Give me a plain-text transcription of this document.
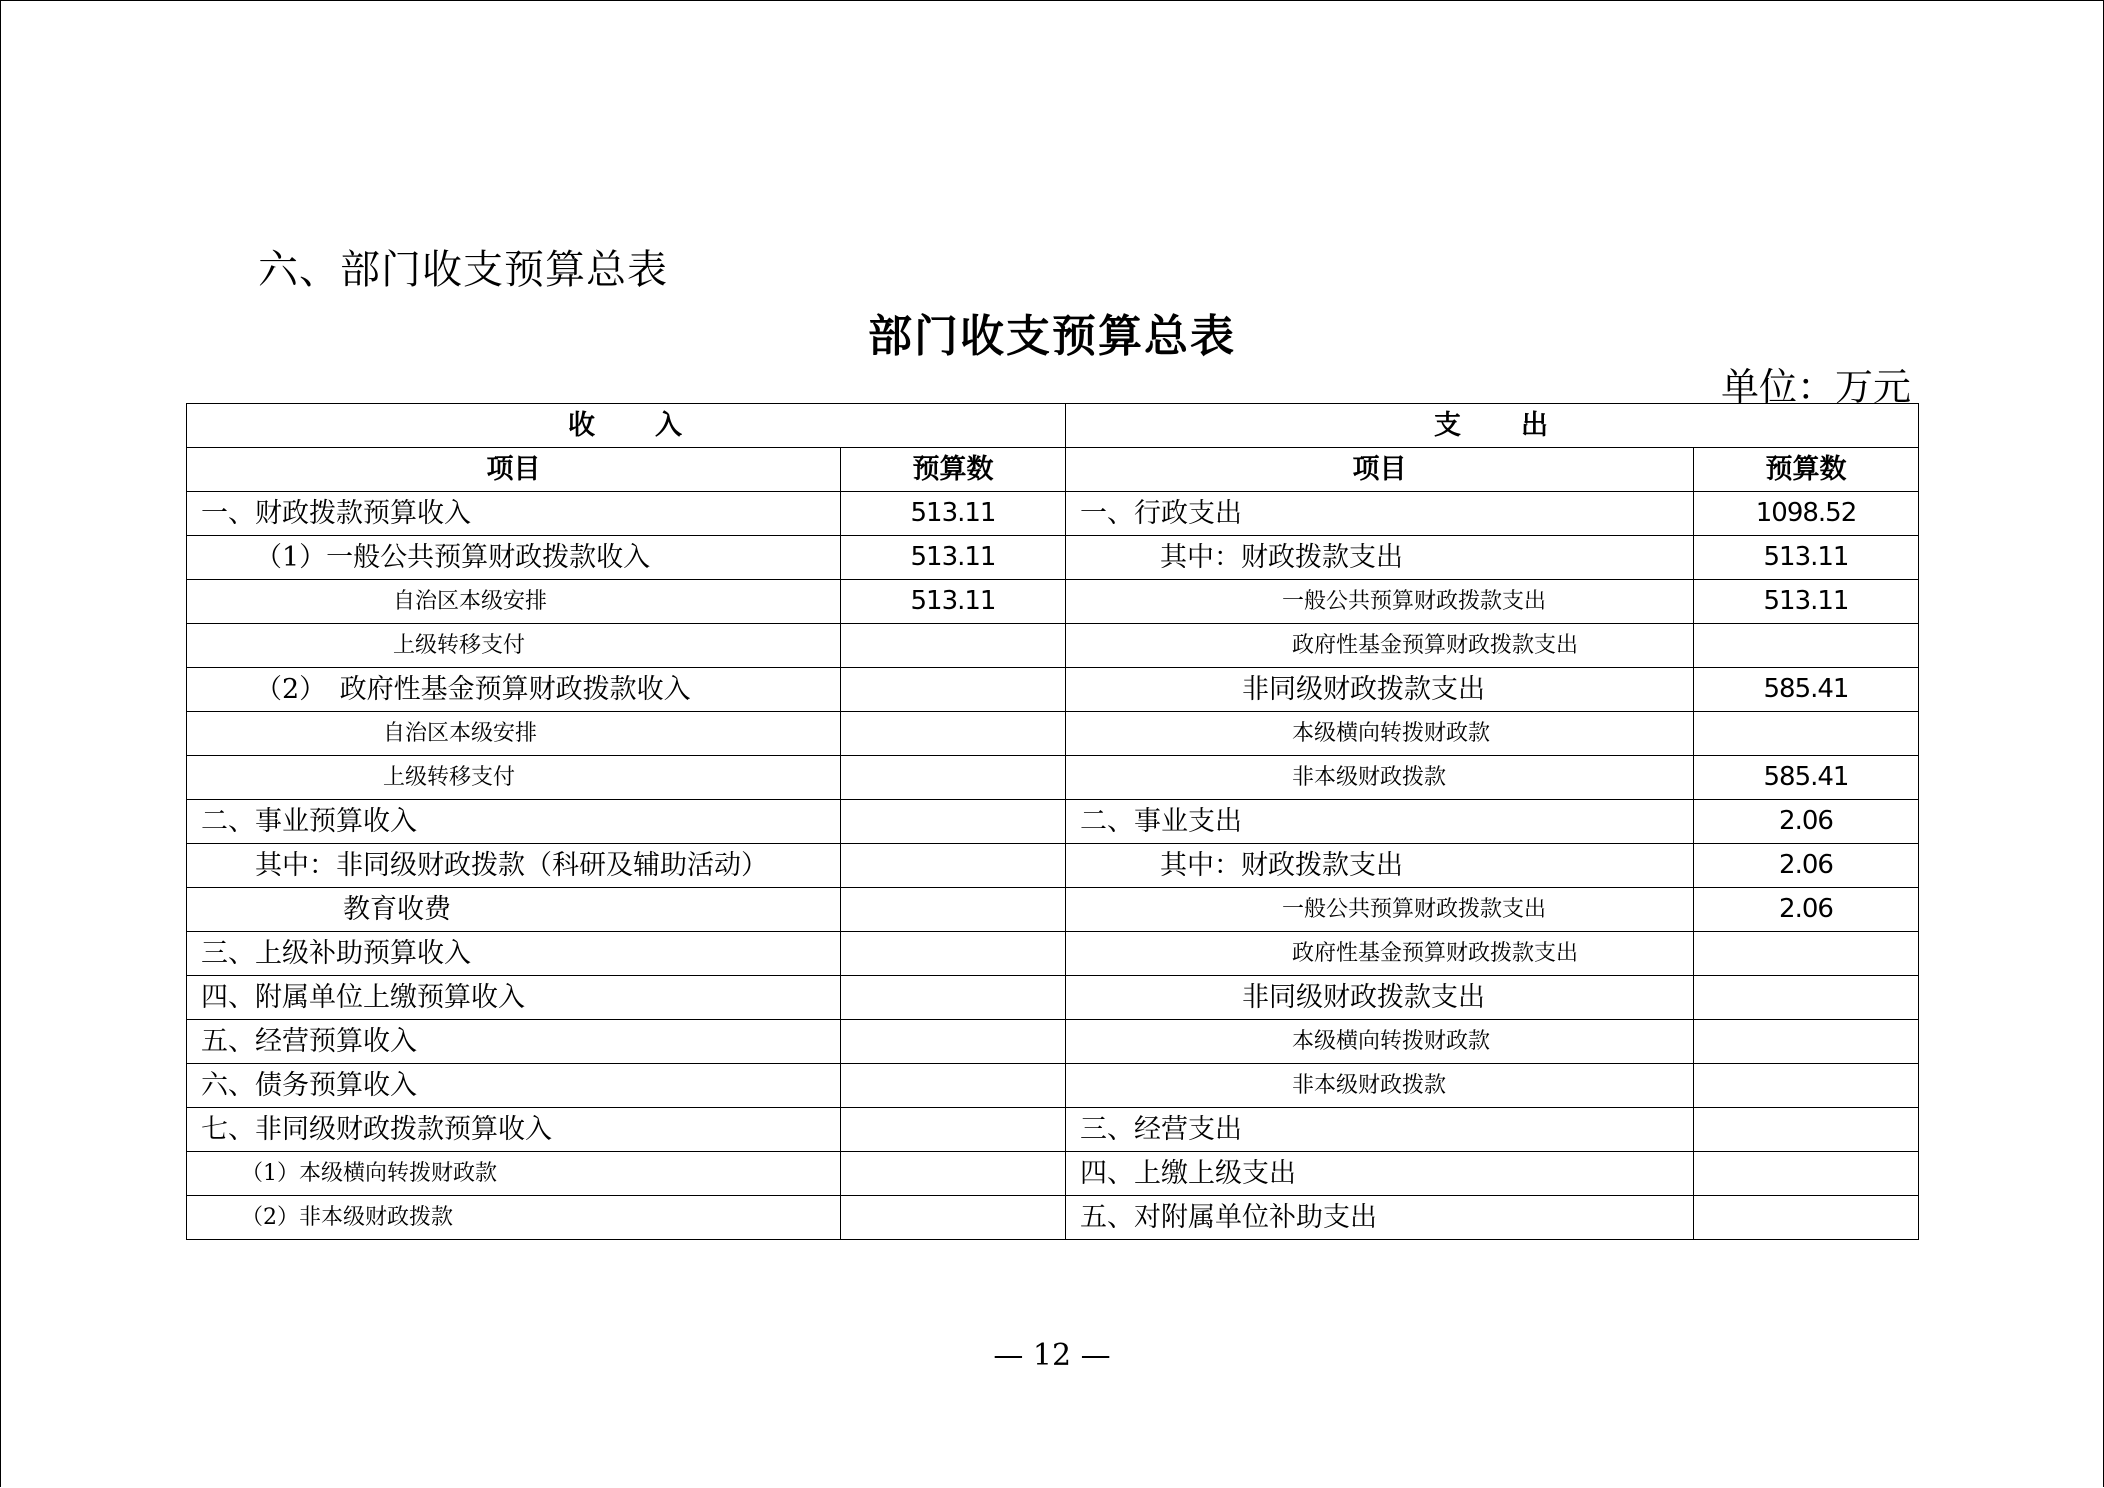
六、部门收支预算总表
部门收支预算总表
单位：万元
收　　入		支　　出	
项目	预算数	项目	预算数
一、财政拨款预算收入	513.11	一、行政支出	1098.52
（1）一般公共预算财政拨款收入	513.11	其中：财政拨款支出	513.11
自治区本级安排	513.11	一般公共预算财政拨款支出	513.11
上级转移支付		政府性基金预算财政拨款支出	
（2）　政府性基金预算财政拨款收入		非同级财政拨款支出	585.41
自治区本级安排		本级横向转拨财政款	
上级转移支付		非本级财政拨款	585.41
二、事业预算收入		二、事业支出	2.06
其中：非同级财政拨款（科研及辅助活动）		其中：财政拨款支出	2.06
教育收费		一般公共预算财政拨款支出	2.06
三、上级补助预算收入		政府性基金预算财政拨款支出	
四、附属单位上缴预算收入		非同级财政拨款支出	
五、经营预算收入		本级横向转拨财政款	
六、债务预算收入		非本级财政拨款	
七、非同级财政拨款预算收入		三、经营支出	
（1）本级横向转拨财政款		四、上缴上级支出	
（2）非本级财政拨款		五、对附属单位补助支出	
— 12 —
